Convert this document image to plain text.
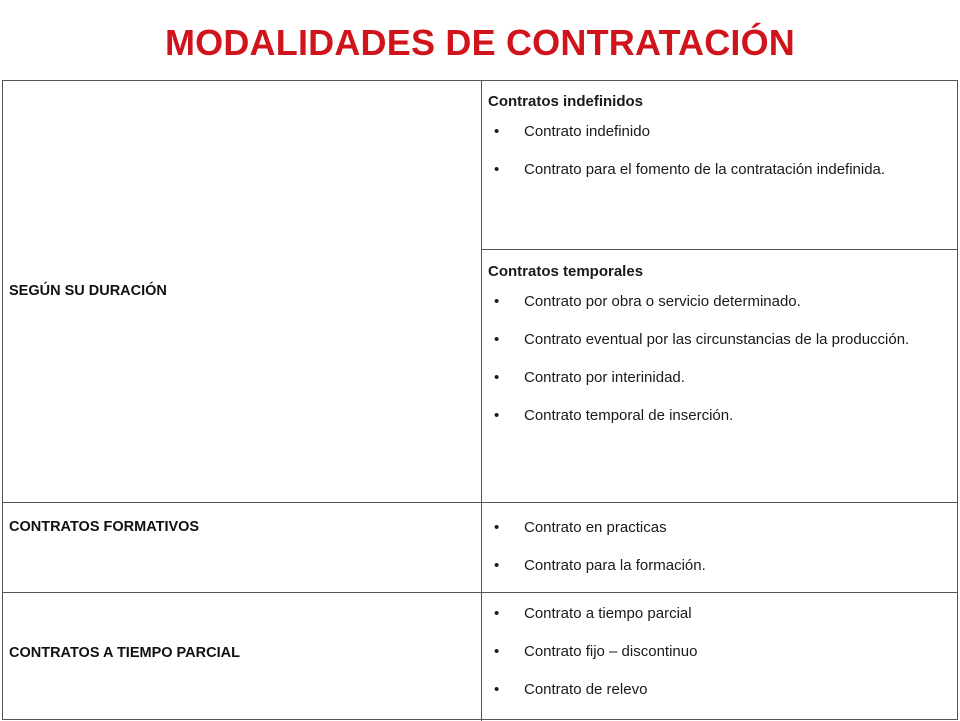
MODALIDADES DE CONTRATACIÓN
SEGÚN SU DURACIÓN

Contratos indefinidos

• Contrato indefinido
• Contrato para el fomento de la contratación indefinida.

Contratos temporales

• Contrato por obra o servicio determinado.
• Contrato eventual por las circunstancias de la producción.
• Contrato por interinidad.
• Contrato temporal de inserción.
CONTRATOS FORMATIVOS	• Contrato en practicas
• Contrato para la formación.
CONTRATOS A TIEMPO PARCIAL
• Contrato a tiempo parcial
• Contrato fijo – discontinuo
• Contrato de relevo
